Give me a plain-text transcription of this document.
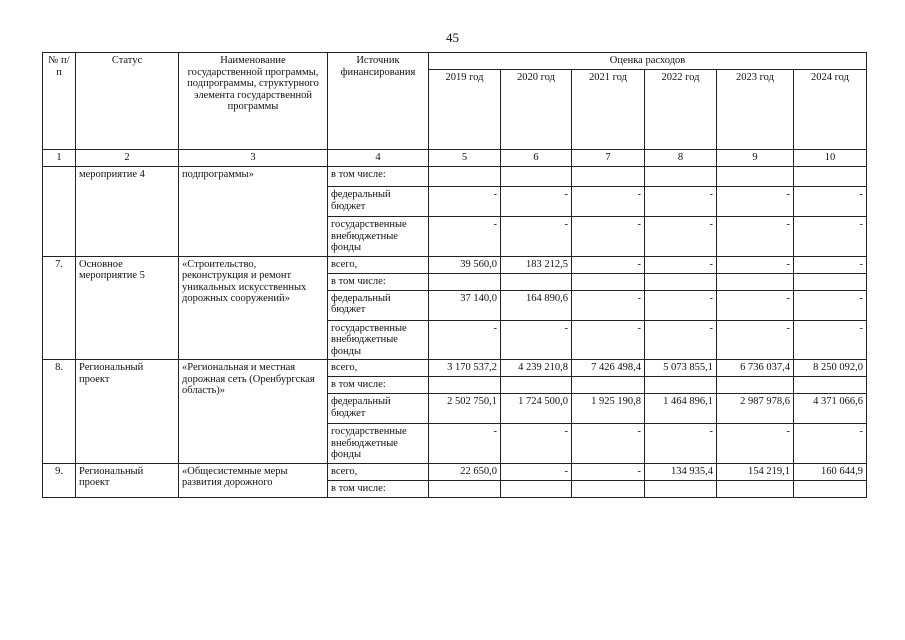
45
№ п/п	Статус	Наименование государственной программы, подпрограммы, структурного элемента государственной программы	Источник финансирования	Оценка расходов					
				2019 год	2020 год	2021 год	2022 год	2023 год	2024 год
1	2	3	4	5	6	7	8	9	10
	мероприятие 4	подпрограммы»	в том числе:						
			федеральный бюджет	-	-	-	-	-	-
			государственные внебюджетные фонды	-	-	-	-	-	-
7.	Основное мероприятие 5	«Строительство, реконструкция и ремонт уникальных искусственных дорожных сооружений»	всего,	39 560,0	183 212,5	-	-	-	-
			в том числе:						
			федеральный бюджет	37 140,0	164 890,6	-	-	-	-
			государственные внебюджетные фонды	-	-	-	-	-	-
8.	Региональный проект	«Региональная и местная дорожная сеть (Оренбургская область)»	всего,	3 170 537,2	4 239 210,8	7 426 498,4	5 073 855,1	6 736 037,4	8 250 092,0
			в том числе:						
			федеральный бюджет	2 502 750,1	1 724 500,0	1 925 190,8	1 464 896,1	2 987 978,6	4 371 066,6
			государственные внебюджетные фонды	-	-	-	-	-	-
9.	Региональный проект	«Общесистемные меры развития дорожного	всего,	22 650,0	-	-	134 935,4	154 219,1	160 644,9
			в том числе:						
